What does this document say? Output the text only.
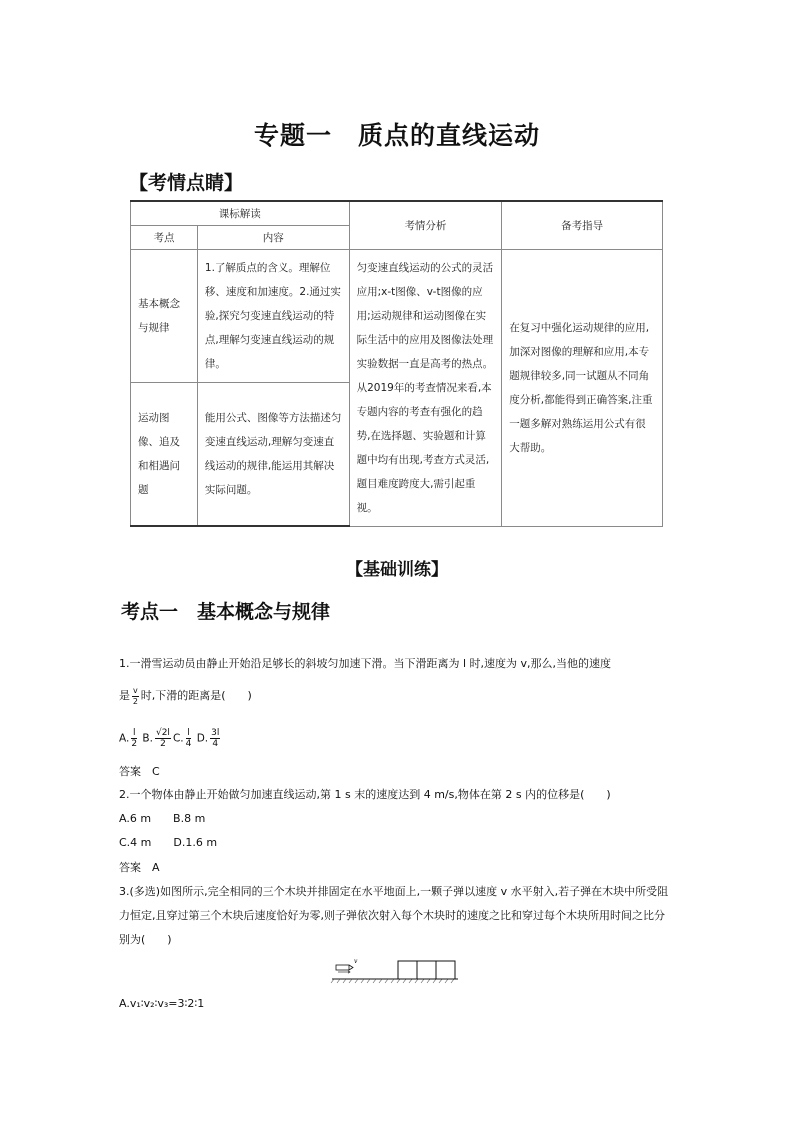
专题一　质点的直线运动
【考情点睛】
课标解读		考情分析	备考指导
考点	内容		
基本概念与规律	1.了解质点的含义。理解位移、速度和加速度。2.通过实验,探究匀变速直线运动的特点,理解匀变速直线运动的规律。	匀变速直线运动的公式的灵活应用;x-t图像、v-t图像的应用;运动规律和运动图像在实际生活中的应用及图像法处理实验数据一直是高考的热点。从2019年的考查情况来看,本专题内容的考查有强化的趋势,在选择题、实验题和计算题中均有出现,考查方式灵活,题目难度跨度大,需引起重视。	在复习中强化运动规律的应用,加深对图像的理解和应用,本专题规律较多,同一试题从不同角度分析,都能得到正确答案,注重一题多解对熟练运用公式有很大帮助。
运动图像、追及和相遇问题	能用公式、图像等方法描述匀变速直线运动,理解匀变速直线运动的规律,能运用其解决实际问题。		
【基础训练】
考点一　基本概念与规律
1.一滑雪运动员由静止开始沿足够长的斜坡匀加速下滑。当下滑距离为 l 时,速度为 v,那么,当他的速度
是 $\frac{v}{2}$ 时,下滑的距离是(　　)
A. $\frac{l}{2} B$. $\frac{√2l}{2} C$. $\frac{l}{4} D$. $\frac{3l}{4}$
答案　C
2.一个物体由静止开始做匀加速直线运动,第 1 s 末的速度达到 4 m/s,物体在第 2 s 内的位移是(　　)
A.6 m　　B.8 m
C.4 m　　D.1.6 m
答案　A
3.(多选)如图所示,完全相同的三个木块并排固定在水平地面上,一颗子弹以速度 v 水平射入,若子弹在木块中所受阻力恒定,且穿过第三个木块后速度恰好为零,则子弹依次射入每个木块时的速度之比和穿过每个木块所用时间之比分别为(　　)
v
A.v₁∶v₂∶v₃=3∶2∶1
